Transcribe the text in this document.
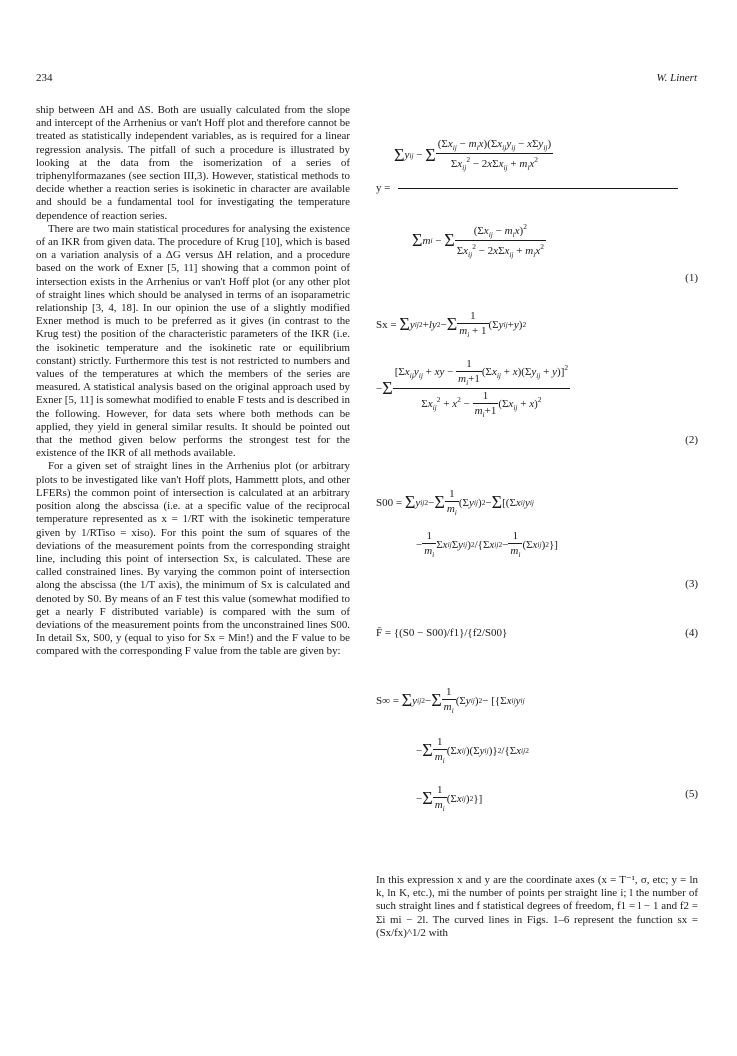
234	W. Linert

ship between ΔH and ΔS. Both are usually calculated from the slope and intercept of the Arrhenius or van't Hoff plot and therefore cannot be treated as statistically independent variables, as is required for a linear regression analysis. The pitfall of such a procedure is illustrated by looking at the data from the isomerization of a series of triphenylformazanes (see section III,3). However, statistical methods to decide whether a reaction series is isokinetic in character are available and should be a fundamental tool for investigating the temperature dependence of reaction series.

There are two main statistical procedures for analysing the existence of an IKR from given data. The procedure of Krug [10], which is based on a variation analysis of a ΔG versus ΔH relation, and a procedure based on the work of Exner [5, 11] showing that a common point of intersection exists in the Arrhenius or van't Hoff plot (or any other plot of straight lines which should be analysed in terms of an isoparametric relationship [3, 4, 18]. In our opinion the use of a slightly modified Exner method is much to be preferred as it gives (in contrast to the Krug test) the position of the characteristic parameters of the IKR (i.e. the isokinetic temperature and the isokinetic rate or equilibrium constant) strictly. Furthermore this test is not restricted to numbers and values of the temperatures at which the members of the series are measured. A statistical analysis based on the original approach used by Exner [5, 11] is somewhat modified to enable F tests and is described in the following. However, for data sets where both methods can be applied, they yield in general similar results. It should be pointed out that the method given below performs the strongest test for the existence of the IKR of all methods available.

For a given set of straight lines in the Arrhenius plot (or arbitrary plots to be investigated like van't Hoff plots, Hammettt plots, and other LFERs) the common point of intersection is calculated at an arbitrary position along the abscissa (i.e. at a specific value of the reciprocal temperature represented as x = 1/RT with the isokinetic temperature given by 1/RTiso = xiso). For this point the sum of squares of the deviations of the measurement points from the corresponding straight line, including this point of intersection Sx, is calculated. These are called constrained lines. By varying the common point of intersection along the abscissa (the 1/T axis), the minimum of Sx is calculated and denoted by S0. By means of an F test this value (somewhat modified to get a nearly F distributed variable) is compared with the sum of deviations of the measurement points from the unconstrained lines S00. In detail Sx, S00, y (equal to yiso for Sx = Min!) and the F value to be compared with the corresponding F value from the table are given by:

Σ y ij − Σ $\frac{(\Sigma x_{ij} - m_ix)(\Sigma x_{ij}y_{ij} - x\Sigma y_{ij})}{\Sigma x_{ij}^2 - 2x\Sigma x_{ij} + m_ix^2}$
y =
Σ m i − Σ $\frac{(\Sigma x_{ij} - m_ix)^2}{\Sigma x_{ij}^2 - 2x\Sigma x_{ij} + m_ix^2}$
(1)
Sx =
Σ y ij 2 + ly 2 − Σ $\frac{1}{m_i + 1} (\Sigma$ y ij + y ) 2
− Σ $\frac{[\Sigma x_{ij}y_{ij} + xy - \frac{1}{m_i+1} (\Sigma x_{ij} + x)(\Sigma y_{ij} + y)]^2}{\Sigma x_{ij}^2 + x^2 - \frac{1}{m_i+1} (\Sigma x_{ij} + x)^2}$
(2)
S00 =
Σ y ij 2 − Σ $\frac{1}{m_i} (\Sigma$ y ij ) 2 − Σ [(Σ x ij y ij
− $\frac{1}{m_i}$ Σ x ij Σ y ij ) 2 /{Σ x ij $2 - \frac{1}{m_i} (\Sigma$ x ij ) 2 }]
(3)
F̄ = {(S0 − S00)/f1}/{f2/S00}	(4)
S∞ =
Σ y ij 2 − Σ $\frac{1}{m_i} (\Sigma$ y ij ) 2 − [{Σ x ij y ij
− Σ $\frac{1}{m_i} (\Sigma$ x ij )(Σ y ij )} 2 /{Σ x ij 2
− Σ $\frac{1}{m_i} (\Sigma$ x ij ) 2 }]	(5)
In this expression x and y are the coordinate axes (x = T⁻¹, σ, etc; y = ln k, ln K, etc.), mi the number of points per straight line i; l the number of such straight lines and f statistical degrees of freedom, f1 = l − 1 and f2 = Σi mi − 2l. The curved lines in Figs. 1–6 represent the function sx = (Sx/fx)^1/2 with
